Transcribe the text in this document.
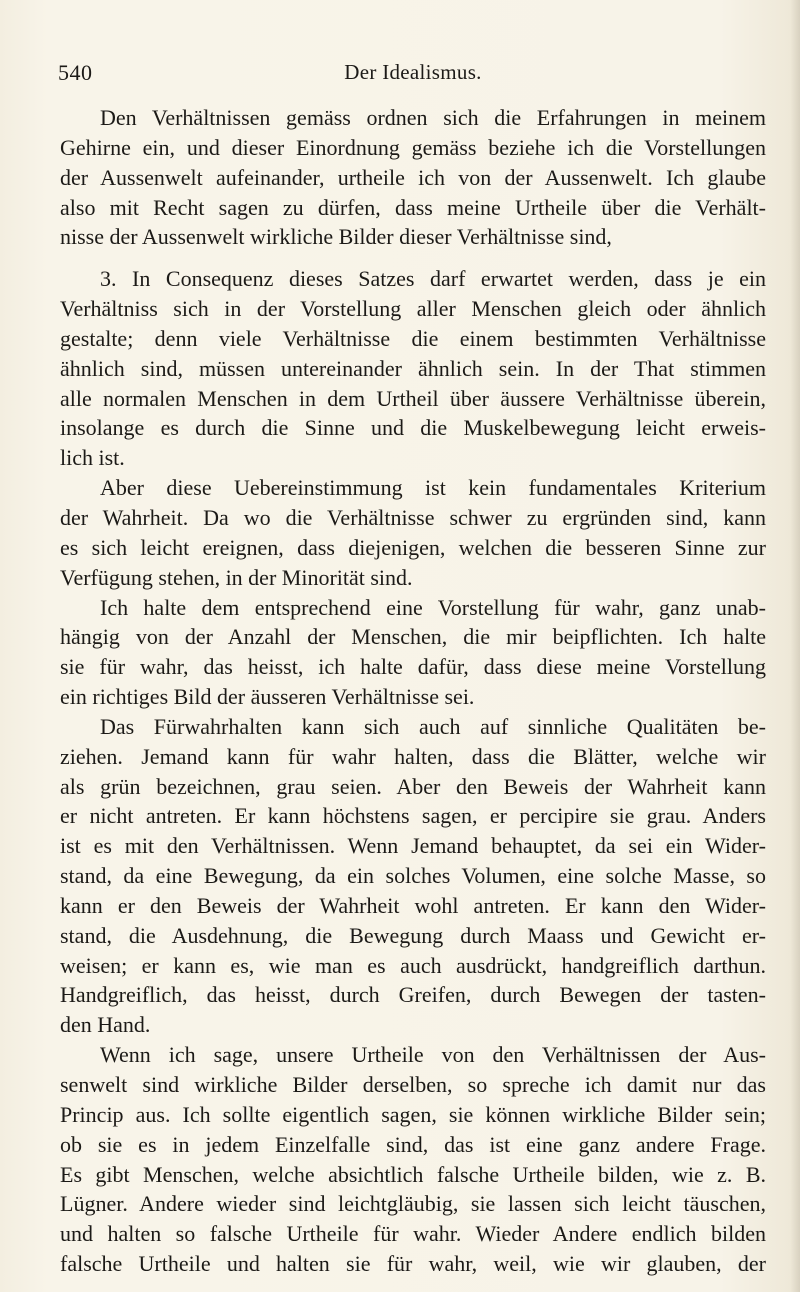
540	Der Idealismus.
Den Verhältnissen gemäss ordnen sich die Erfahrungen in meinem
Gehirne ein, und dieser Einordnung gemäss beziehe ich die Vorstellungen
der Aussenwelt aufeinander, urtheile ich von der Aussenwelt. Ich glaube
also mit Recht sagen zu dürfen, dass meine Urtheile über die Verhält-
nisse der Aussenwelt wirkliche Bilder dieser Verhältnisse sind,
3. In Consequenz dieses Satzes darf erwartet werden, dass je ein
Verhältniss sich in der Vorstellung aller Menschen gleich oder ähnlich
gestalte; denn viele Verhältnisse die einem bestimmten Verhältnisse
ähnlich sind, müssen untereinander ähnlich sein. In der That stimmen
alle normalen Menschen in dem Urtheil über äussere Verhältnisse überein,
insolange es durch die Sinne und die Muskelbewegung leicht erweis-
lich ist.
Aber diese Uebereinstimmung ist kein fundamentales Kriterium
der Wahrheit. Da wo die Verhältnisse schwer zu ergründen sind, kann
es sich leicht ereignen, dass diejenigen, welchen die besseren Sinne zur
Verfügung stehen, in der Minorität sind.
Ich halte dem entsprechend eine Vorstellung für wahr, ganz unab-
hängig von der Anzahl der Menschen, die mir beipflichten. Ich halte
sie für wahr, das heisst, ich halte dafür, dass diese meine Vorstellung
ein richtiges Bild der äusseren Verhältnisse sei.
Das Fürwahrhalten kann sich auch auf sinnliche Qualitäten be-
ziehen. Jemand kann für wahr halten, dass die Blätter, welche wir
als grün bezeichnen, grau seien. Aber den Beweis der Wahrheit kann
er nicht antreten. Er kann höchstens sagen, er percipire sie grau. Anders
ist es mit den Verhältnissen. Wenn Jemand behauptet, da sei ein Wider-
stand, da eine Bewegung, da ein solches Volumen, eine solche Masse, so
kann er den Beweis der Wahrheit wohl antreten. Er kann den Wider-
stand, die Ausdehnung, die Bewegung durch Maass und Gewicht er-
weisen; er kann es, wie man es auch ausdrückt, handgreiflich darthun.
Handgreiflich, das heisst, durch Greifen, durch Bewegen der tasten-
den Hand.
Wenn ich sage, unsere Urtheile von den Verhältnissen der Aus-
senwelt sind wirkliche Bilder derselben, so spreche ich damit nur das
Princip aus. Ich sollte eigentlich sagen, sie können wirkliche Bilder sein;
ob sie es in jedem Einzelfalle sind, das ist eine ganz andere Frage.
Es gibt Menschen, welche absichtlich falsche Urtheile bilden, wie z. B.
Lügner. Andere wieder sind leichtgläubig, sie lassen sich leicht täuschen,
und halten so falsche Urtheile für wahr. Wieder Andere endlich bilden
falsche Urtheile und halten sie für wahr, weil, wie wir glauben, der
